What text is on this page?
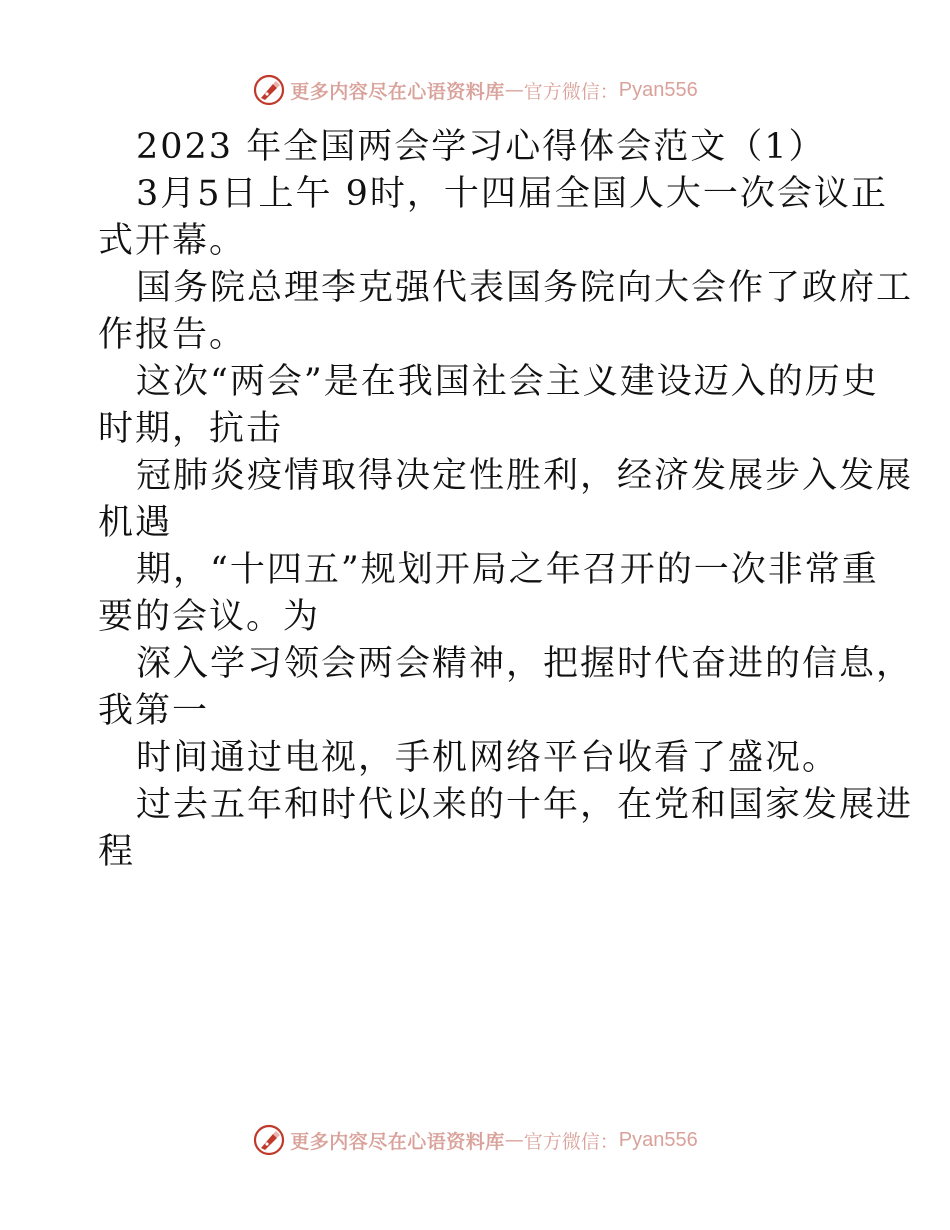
更多内容尽在心语资料库 — 官方微信： Pyan556
2023 年全国两会学习心得体会范文（1）
3月5日上午 9时，十四届全国人大一次会议正
式开幕。
国务院总理李克强代表国务院向大会作了政府工
作报告。
这次“两会”是在我国社会主义建设迈入的历史
时期，抗击
冠肺炎疫情取得决定性胜利，经济发展步入发展
机遇
期，“十四五”规划开局之年召开的一次非常重
要的会议。为
深入学习领会两会精神，把握时代奋进的信息，
我第一
时间通过电视，手机网络平台收看了盛况。
过去五年和时代以来的十年，在党和国家发展进
程
更多内容尽在心语资料库 — 官方微信： Pyan556
